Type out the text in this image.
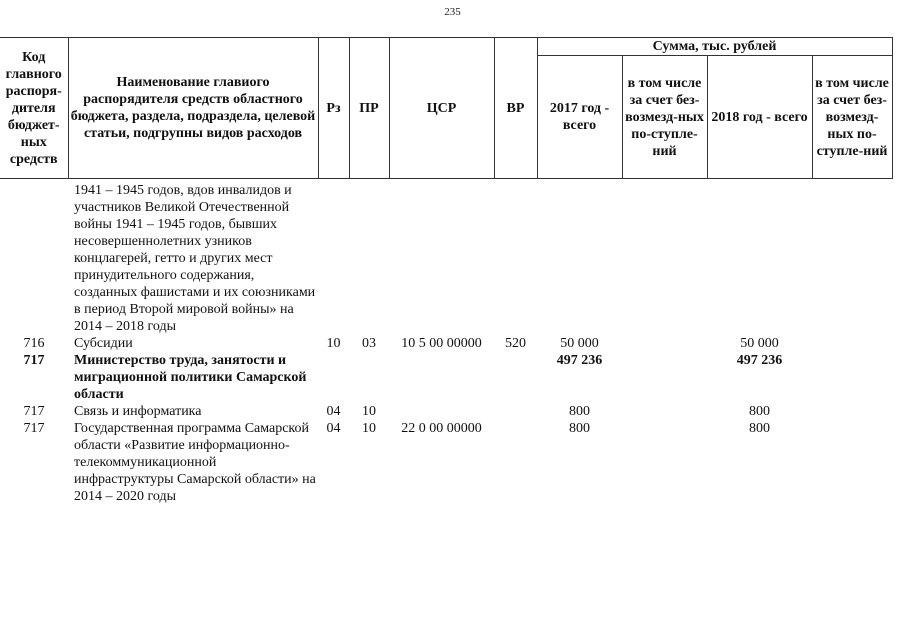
235
Код главного распоря-дителя бюджет-ных средств	Наименование главиого распорядителя средств областного бюджета, раздела, подраздела, целевой статьи, подгрупны видов расходов	Рз	ПР	ЦСР	ВР	Сумма, тыс. рублей			
						2017 год - всего	в том числе за счет без-возмезд-ных по-ступле-ний	2018 год - всего	в том числе за счет без-возмезд-ных по-ступле-ний
	1941 – 1945 годов, вдов инвалидов и участников Великой Отечественной войны 1941 – 1945 годов, бывших несовершеннолетних узников концлагерей, гетто и других мест принудительного содержания, созданных фашистами и их союзниками в период Второй мировой войны» на 2014 – 2018 годы								
716	Субсидии	10	03	10 5 00 00000	520	50 000		50 000	
717	Министерство труда, занятости и миграционной политики Самарской области					497 236		497 236	
717	Связь и информатика	04	10			800		800	
717	Государственная программа Самарской области «Развитие информационно-телекоммуникационной инфраструктуры Самарской области» на 2014 – 2020 годы	04	10	22 0 00 00000		800		800	
